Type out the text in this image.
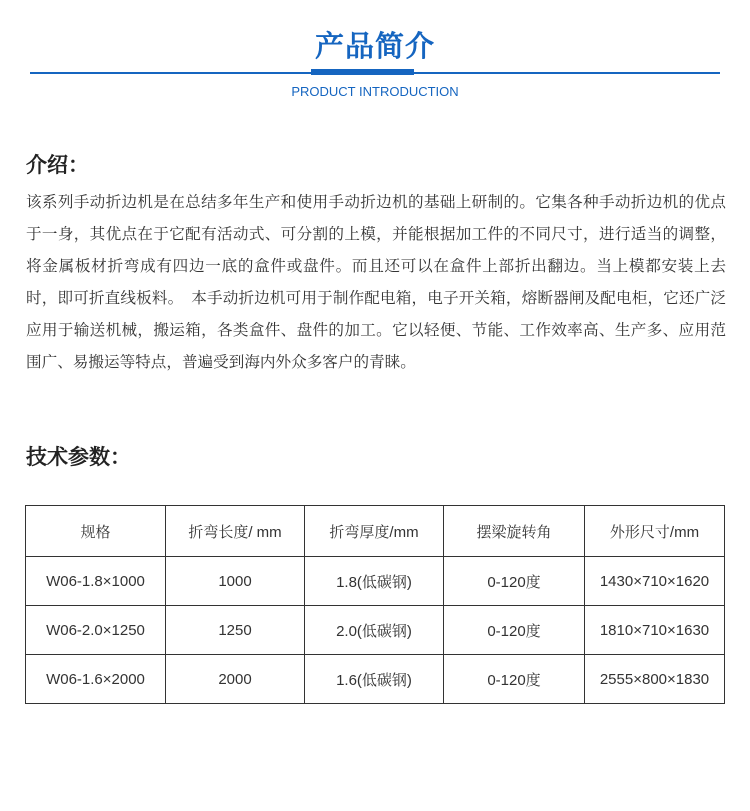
产品简介
PRODUCT INTRODUCTION
介绍：
该系列手动折边机是在总结多年生产和使用手动折边机的基础上研制的。它集各种手动折边机的优点于一身，其优点在于它配有活动式、可分割的上模，并能根据加工件的不同尺寸，进行适当的调整，将金属板材折弯成有四边一底的盒件或盘件。而且还可以在盒件上部折出翻边。当上模都安装上去时，即可折直线板料。　本手动折边机可用于制作配电箱，电子开关箱，熔断器闸及配电柜，它还广泛应用于输送机械，搬运箱，各类盒件、盘件的加工。它以轻便、节能、工作效率高、生产多、应用范围广、易搬运等特点，普遍受到海内外众多客户的青睐。
技术参数：
规格	折弯长度/ mm	折弯厚度/mm	摆梁旋转角	外形尺寸/mm
W06-1.8×1000	1000	1.8(低碳钢)	0-120度	1430×710×1620
W06-2.0×1250	1250	2.0(低碳钢)	0-120度	1810×710×1630
W06-1.6×2000	2000	1.6(低碳钢)	0-120度	2555×800×1830
